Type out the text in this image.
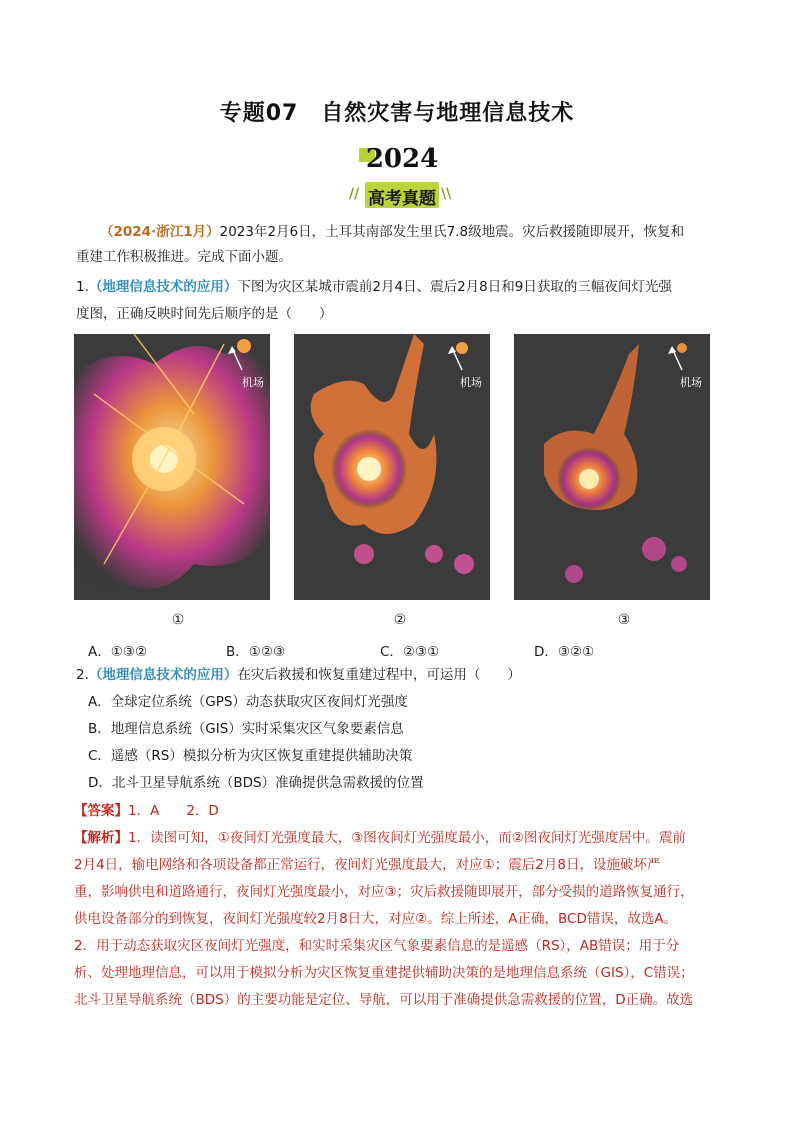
专题07　自然灾害与地理信息技术
2024
//	\\
高考真题
（2024·浙江1月）2023年2月6日，土耳其南部发生里氏7.8级地震。灾后救援随即展开，恢复和
重建工作积极推进。完成下面小题。
1.（地理信息技术的应用）下图为灾区某城市震前2月4日、震后2月8日和9日获取的三幅夜间灯光强
度图，正确反映时间先后顺序的是（　　）
机场	机场	机场
①	②	③
A．①③②	B．①②③	C．②③①	D．③②①
2.（地理信息技术的应用）在灾后救援和恢复重建过程中，可运用（　　）
A．全球定位系统（GPS）动态获取灾区夜间灯光强度
B．地理信息系统（GIS）实时采集灾区气象要素信息
C．遥感（RS）模拟分析为灾区恢复重建提供辅助决策
D．北斗卫星导航系统（BDS）准确提供急需救援的位置
【答案】1．A　　2．D
【解析】1．读图可知，①夜间灯光强度最大，③图夜间灯光强度最小，而②图夜间灯光强度居中。震前
2月4日，输电网络和各项设备都正常运行，夜间灯光强度最大，对应①；震后2月8日，设施破坏严
重，影响供电和道路通行，夜间灯光强度最小，对应③；灾后救援随即展开，部分受损的道路恢复通行，
供电设备部分的到恢复，夜间灯光强度较2月8日大，对应②。综上所述，A正确，BCD错误，故选A。
2．用于动态获取灾区夜间灯光强度，和实时采集灾区气象要素信息的是遥感（RS），AB错误；用于分
析、处理地理信息，可以用于模拟分析为灾区恢复重建提供辅助决策的是地理信息系统（GIS），C错误；
北斗卫星导航系统（BDS）的主要功能是定位、导航，可以用于准确提供急需救援的位置，D正确。故选
